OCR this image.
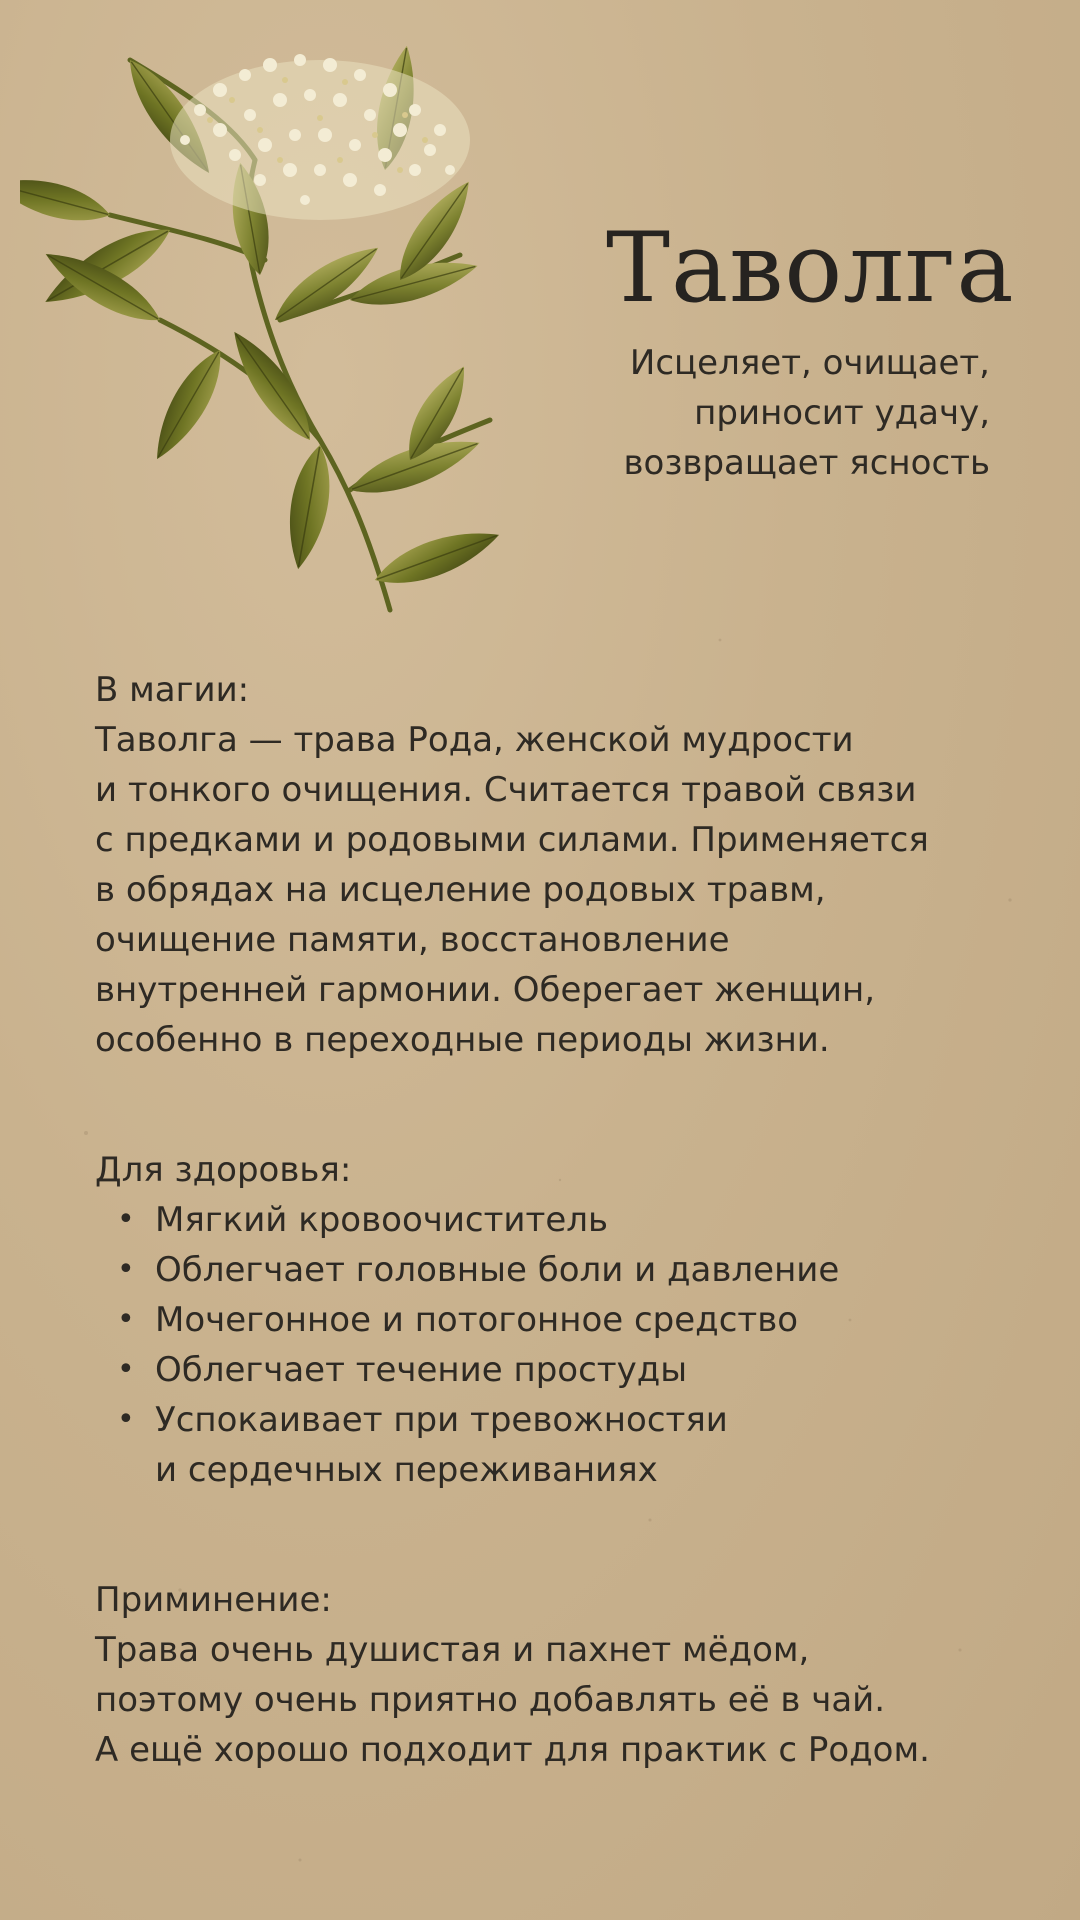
Таволга
Исцеляет, очищает,
приносит удачу,
возвращает ясность
В магии:
Таволга — трава Рода, женской мудрости
и тонкого очищения. Считается травой связи
с предками и родовыми силами. Применяется
в обрядах на исцеление родовых травм,
очищение памяти, восстановление
внутренней гармонии. Оберегает женщин,
особенно в переходные периоды жизни.
Для здоровья:
• Мягкий кровоочиститель
• Облегчает головные боли и давление
• Мочегонное и потогонное средство
• Облегчает течение простуды
• Успокаивает при тревожностяи
и сердечных переживаниях
Приминение:
Трава очень душистая и пахнет мёдом,
поэтому очень приятно добавлять её в чай.
А ещё хорошо подходит для практик с Родом.
